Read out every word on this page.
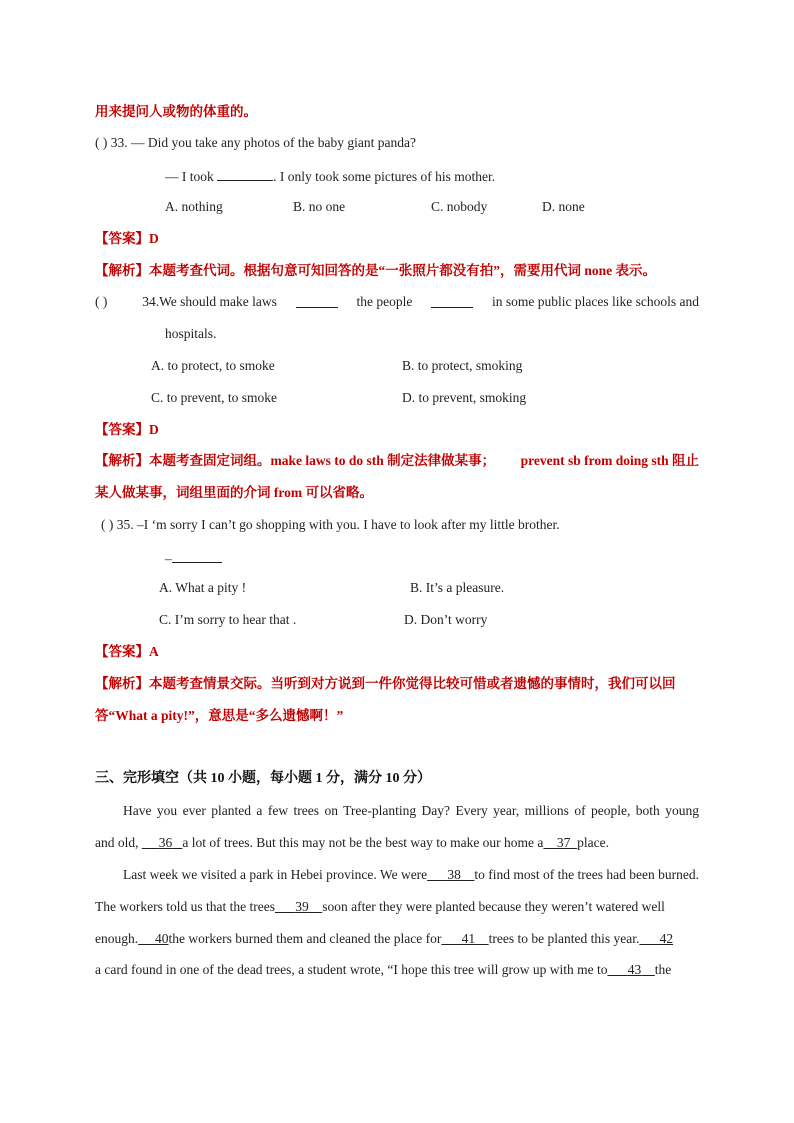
用来提问人或物的体重的。
( ) 33. — Did you take any photos of the baby giant panda?
— I took	. I only took some pictures of his mother.
A. nothing	B. no one	C. nobody	D. none
【答案】D
【解析】本题考查代词。根据句意可知回答的是“一张照片都没有拍”，需要用代词 none 表示。
( )	34.We should make laws	the people	in some public places like schools and
hospitals.
A. to protect, to smoke	B. to protect, smoking
C. to prevent, to smoke	D. to prevent, smoking
【答案】D
【解析】本题考查固定词组。make laws to do sth 制定法律做某事； prevent sb from doing sth 阻止
某人做某事，词组里面的介词 from 可以省略。
( ) 35. –I ‘m sorry I can’t go shopping with you. I have to look after my little brother.
–
A. What a pity !	B. It’s a pleasure.
C. I’m sorry to hear that .	D. Don’t worry
【答案】A
【解析】本题考查情景交际。当听到对方说到一件你觉得比较可惜或者遗憾的事情时，我们可以回
答“What a pity!”，意思是“多么遗憾啊！”
三、完形填空（共 10 小题，每小题 1 分，满分 10 分）
Have you ever planted a few trees on Tree-planting Day? Every year, millions of people, both young
and old, 36 a lot of trees. But this may not be the best way to make our home a 37 place.
Last week we visited a park in Hebei province. We were	38	to find most of the trees had been burned.
The workers told us that the trees	39	soon after they were planted because they weren’t watered well
enough.	40 the workers burned them and cleaned the place for	41	trees to be planted this year.	42
a card found in one of the dead trees, a student wrote, “I hope this tree will grow up with me to	43	the
